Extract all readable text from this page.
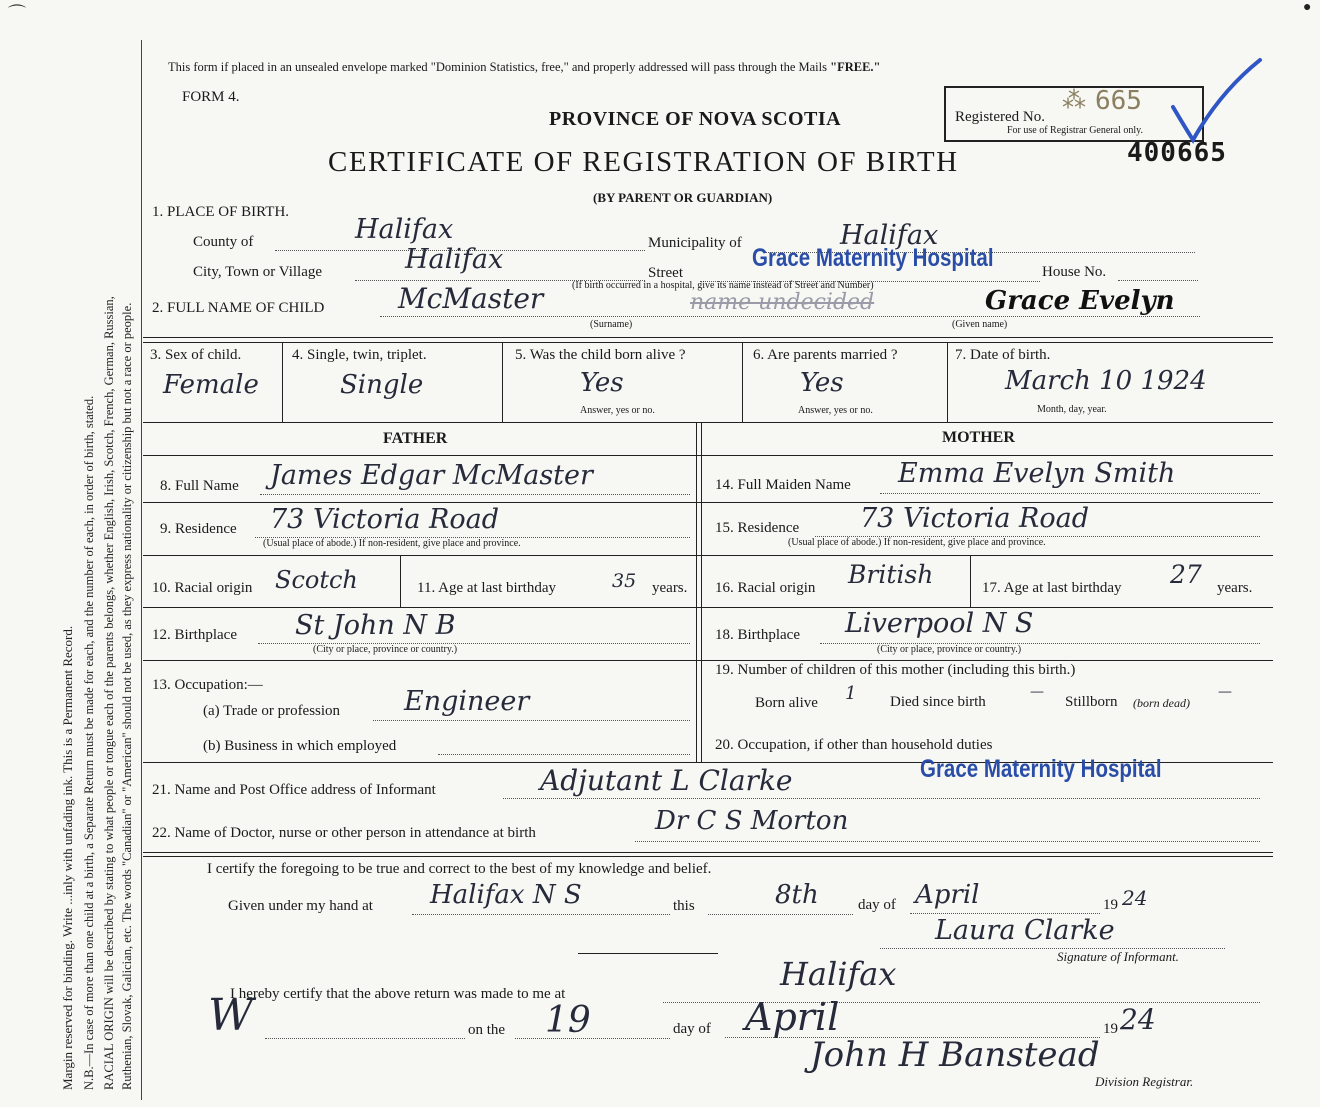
Margin reserved for binding. Write ...inly with unfading ink. This is a Permanent Record. N.B.—In case of more than one child at a birth, a Separate Return must be made for each, and the number of each, in order of birth, stated. RACIAL ORIGIN will be described by stating to what people or tongue each of the parents belongs, whether English, Irish, Scotch, French, German, Russian, Ruthenian, Slovak, Galician, etc. The words "Canadian" or "American" should not be used, as they express nationality or citizenship but not a race or people.
This form if placed in an unsealed envelope marked "Dominion Statistics, free," and properly addressed will pass through the Mails "FREE."
FORM 4.
Registered No.
For use of Registrar General only.
⁂ 665
400665
PROVINCE OF NOVA SCOTIA
CERTIFICATE OF REGISTRATION OF BIRTH
(BY PARENT OR GUARDIAN)
1. PLACE OF BIRTH.
County of	Halifax	Municipality of	Halifax
City, Town or Village	Halifax	Street
Grace Maternity Hospital	House No.
(If birth occurred in a hospital, give its name instead of Street and Number)
2. FULL NAME OF CHILD	McMaster	name undecided	Grace Evelyn
(Surname)	(Given name)
3. Sex of child.
Female
4. Single, twin, triplet.
Single
5. Was the child born alive ?
Yes
Answer, yes or no.
6. Are parents married ?
Yes
Answer, yes or no.
7. Date of birth.
March 10 1924
Month, day, year.
FATHER	MOTHER
8. Full Name James Edgar McMaster
9. Residence 73 Victoria Road
(Usual place of abode.) If non-resident, give place and province.
10. Racial origin Scotch	11. Age at last birthday	35 years.
12. Birthplace St John N B
(City or place, province or country.)
13. Occupation:—
(a) Trade or profession Engineer
(b) Business in which employed
14. Full Maiden Name Emma Evelyn Smith
15. Residence 73 Victoria Road
(Usual place of abode.) If non-resident, give place and province.
16. Racial origin British	17. Age at last birthday 27 years.
18. Birthplace Liverpool N S
(City or place, province or country.)
19. Number of children of this mother (including this birth.)
Born alive 1 Died since birth
—
Stillborn (born dead)
—
20. Occupation, if other than household duties
21. Name and Post Office address of Informant	Adjutant L Clarke	Grace Maternity Hospital
22. Name of Doctor, nurse or other person in attendance at birth	Dr C S Morton
I certify the foregoing to be true and correct to the best of my knowledge and belief.
Given under my hand at Halifax N S	this	8th	day of April	19 24
Laura Clarke
Signature of Informant.
I hereby certify that the above return was made to me at
Halifax
W	on the 19	day of April	19 24
John H Banstead
Division Registrar.
⌒	●
